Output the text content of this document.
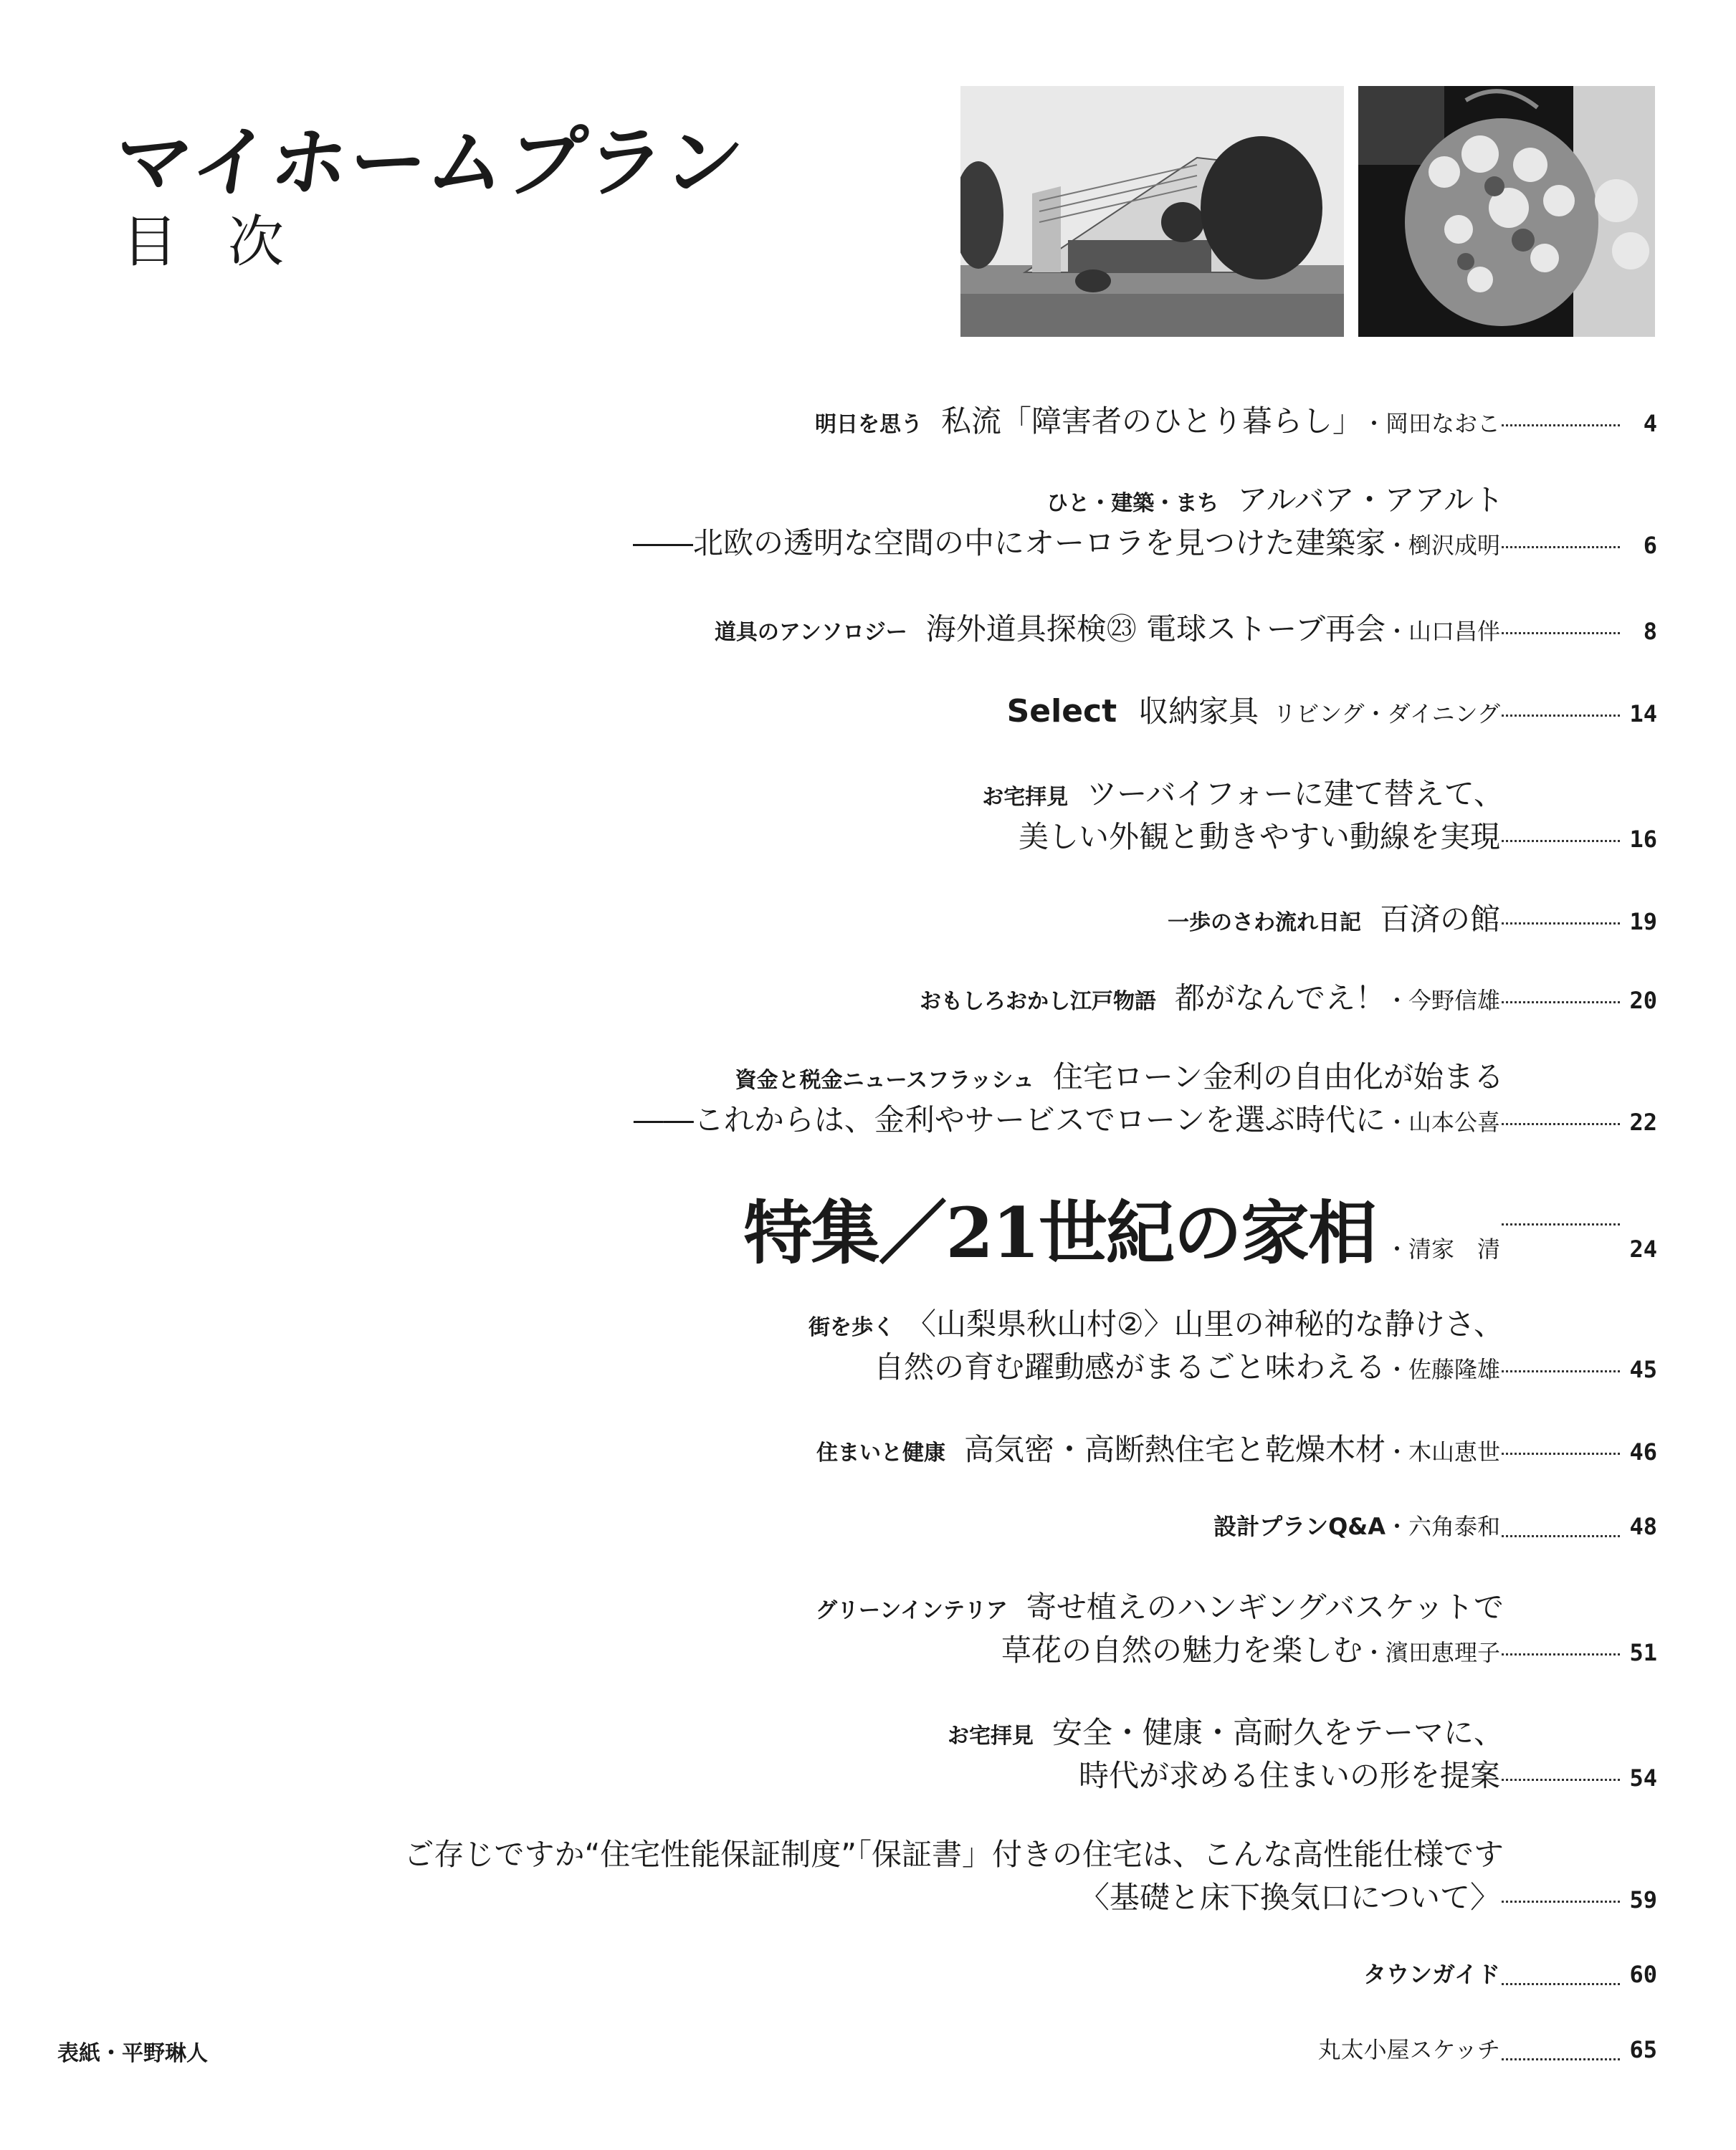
マイホームプラン
目次
明日を思う 私流「障害者のひとり暮らし」 ・岡田なおこ	4
ひと・建築・まち アルバア・アアルト
――北欧の透明な空間の中にオーロラを見つけた建築家 ・椡沢成明	6
道具のアンソロジー 海外道具探検㉓ 電球ストーブ再会 ・山口昌伴	8
Select 収納家具 リビング・ダイニング	14
お宅拝見 ツーバイフォーに建て替えて、
美しい外観と動きやすい動線を実現	16
一歩のさわ流れ日記 百済の館	19
おもしろおかし江戸物語 都がなんでえ！ ・今野信雄	20
資金と税金ニュースフラッシュ 住宅ローン金利の自由化が始まる
――これからは、金利やサービスでローンを選ぶ時代に ・山本公喜	22
特集／21世紀の家相 ・清家　清	24
街を歩く 〈山梨県秋山村②〉山里の神秘的な静けさ、
自然の育む躍動感がまるごと味わえる ・佐藤隆雄	45
住まいと健康 高気密・高断熱住宅と乾燥木材 ・木山恵世	46
設計プランQ&A ・六角泰和	48
グリーンインテリア 寄せ植えのハンギングバスケットで
草花の自然の魅力を楽しむ ・濱田恵理子	51
お宅拝見 安全・健康・高耐久をテーマに、
時代が求める住まいの形を提案	54
ご存じですか“住宅性能保証制度”「保証書」付きの住宅は、こんな高性能仕様です
〈基礎と床下換気口について〉	59
タウンガイド	60
丸太小屋スケッチ	65
表紙・平野琳人
